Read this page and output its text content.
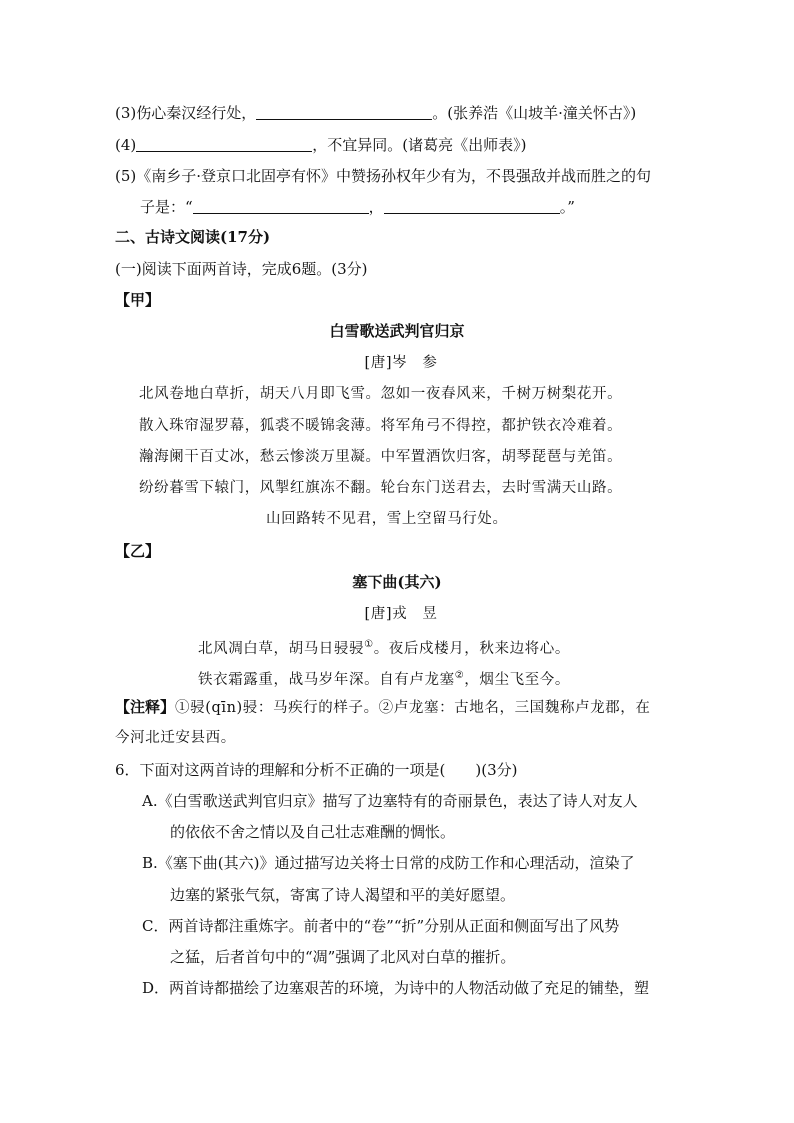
(3)伤心秦汉经行处，	。(张养浩《山坡羊·潼关怀古》)
(4)	，不宜异同。(诸葛亮《出师表》)
(5)《南乡子·登京口北固亭有怀》中赞扬孙权年少有为，不畏强敌并战而胜之的句
子是：“	，	。”
二、古诗文阅读(17分)
(一)阅读下面两首诗，完成6题。(3分)
【甲】
白雪歌送武判官归京
[唐]岑　参
北风卷地白草折，胡天八月即飞雪。忽如一夜春风来，千树万树梨花开。
散入珠帘湿罗幕，狐裘不暖锦衾薄。将军角弓不得控，都护铁衣冷难着。
瀚海阑干百丈冰，愁云惨淡万里凝。中军置酒饮归客，胡琴琵琶与羌笛。
纷纷暮雪下辕门，风掣红旗冻不翻。轮台东门送君去，去时雪满天山路。
山回路转不见君，雪上空留马行处。
【乙】
塞下曲(其六)
[唐]戎　昱
北风凋白草，胡马日骎骎①。夜后戍楼月，秋来边将心。
铁衣霜露重，战马岁年深。自有卢龙塞②，烟尘飞至今。
【注释】①骎(qīn)骎：马疾行的样子。②卢龙塞：古地名，三国魏称卢龙郡，在
今河北迁安县西。
6．下面对这两首诗的理解和分析不正确的一项是(　　)(3分)
A.《白雪歌送武判官归京》描写了边塞特有的奇丽景色，表达了诗人对友人
的依依不舍之情以及自己壮志难酬的惆怅。
B.《塞下曲(其六)》通过描写边关将士日常的戍防工作和心理活动，渲染了
边塞的紧张气氛，寄寓了诗人渴望和平的美好愿望。
C．两首诗都注重炼字。前者中的“卷”“折”分别从正面和侧面写出了风势
之猛，后者首句中的“凋”强调了北风对白草的摧折。
D．两首诗都描绘了边塞艰苦的环境，为诗中的人物活动做了充足的铺垫，塑
